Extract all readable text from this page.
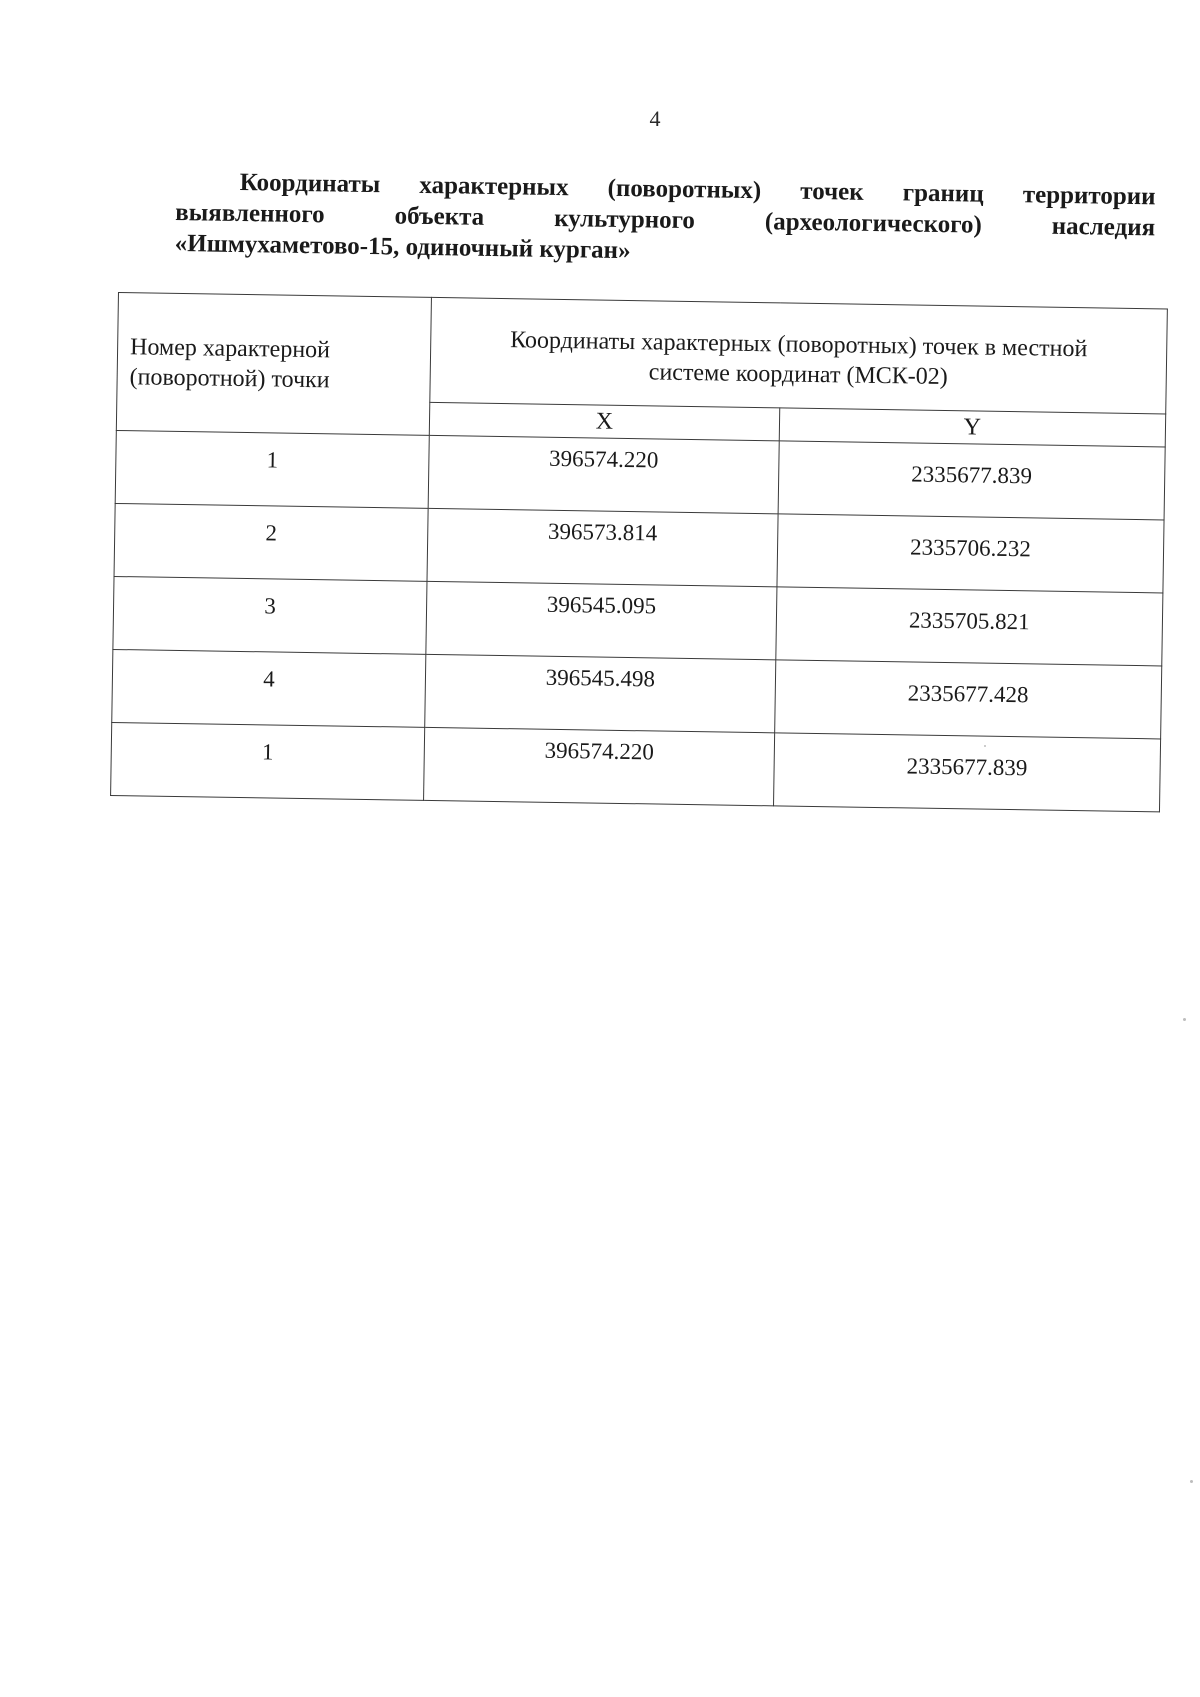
4
Координаты характерных (поворотных) точек границ территории
выявленного	объекта	культурного	(археологического)	наследия
«Ишмухаметово-15, одиночный курган»
Номер характерной
(поворотной) точки	Координаты характерных (поворотных) точек в местной
системе координат (МСК-02)	
	X	Y
1	396574.220	2335677.839
2	396573.814	2335706.232
3	396545.095	2335705.821
4	396545.498	2335677.428
1	396574.220	2335677.839
